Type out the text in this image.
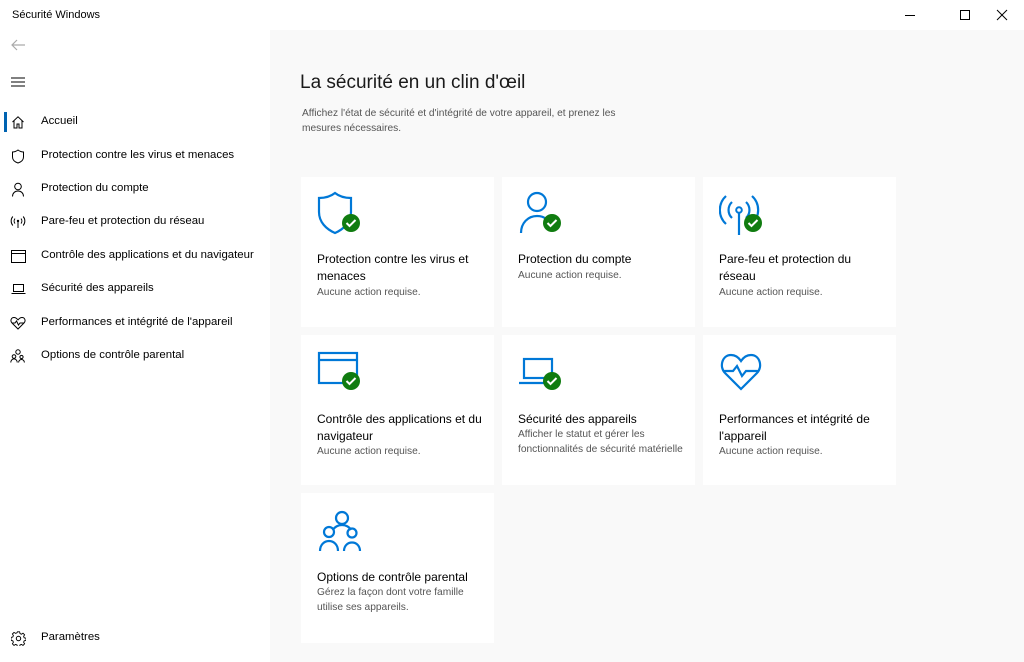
Sécurité Windows
Accueil
Protection contre les virus et menaces
Protection du compte
Pare-feu et protection du réseau
Contrôle des applications et du navigateur
Sécurité des appareils
Performances et intégrité de l'appareil
Options de contrôle parental
Paramètres
La sécurité en un clin d'œil
Affichez l'état de sécurité et d'intégrité de votre appareil, et prenez les mesures nécessaires.
Protection contre les virus et menaces
Aucune action requise.
Protection du compte
Aucune action requise.
Pare-feu et protection du réseau
Aucune action requise.
Contrôle des applications et du navigateur
Aucune action requise.
Sécurité des appareils
Afficher le statut et gérer les fonctionnalités de sécurité matérielle
Performances et intégrité de l'appareil
Aucune action requise.
Options de contrôle parental
Gérez la façon dont votre famille utilise ses appareils.
